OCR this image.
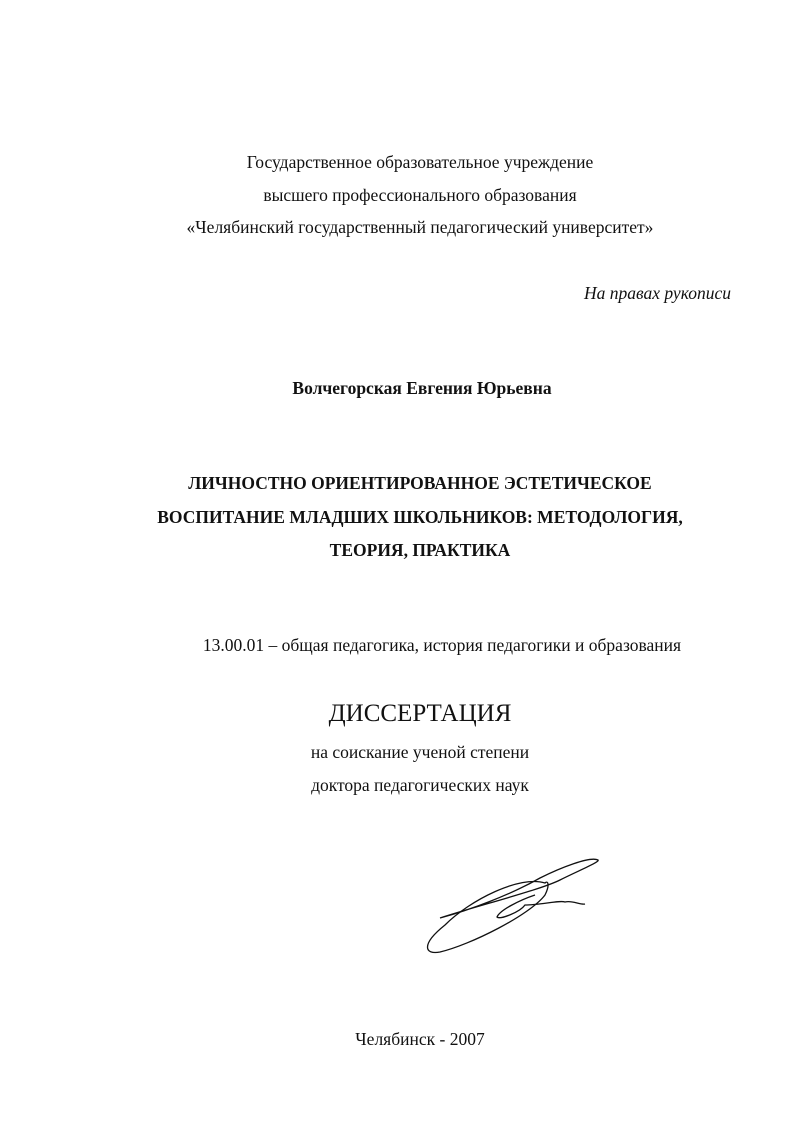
Государственное образовательное учреждение
высшего профессионального образования
«Челябинский государственный педагогический университет»
На правах рукописи
Волчегорская Евгения Юрьевна
ЛИЧНОСТНО ОРИЕНТИРОВАННОЕ ЭСТЕТИЧЕСКОЕ
ВОСПИТАНИЕ МЛАДШИХ ШКОЛЬНИКОВ: МЕТОДОЛОГИЯ,
ТЕОРИЯ, ПРАКТИКА
13.00.01 – общая педагогика, история педагогики и образования
ДИССЕРТАЦИЯ
на соискание ученой степени
доктора педагогических наук
Челябинск - 2007
